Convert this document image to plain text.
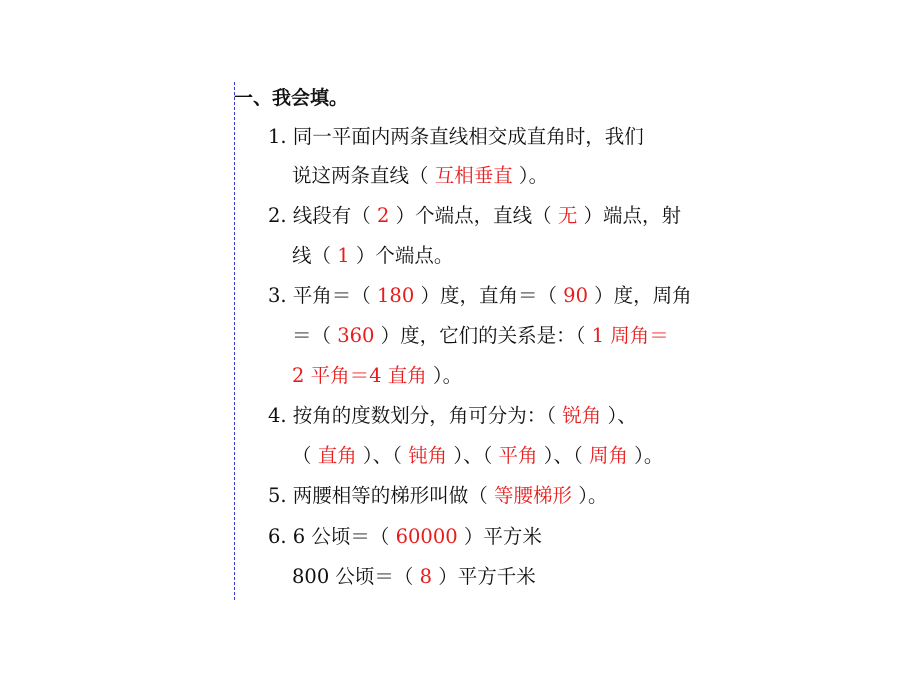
一、我会填。
1. 同一平面内两条直线相交成直角时，我们
说这两条直线（ 互相垂直 ）。
2. 线段有（ 2 ）个端点，直线（ 无 ）端点，射
线（ 1 ）个端点。
3. 平角＝（ 180 ）度，直角＝（ 90 ）度，周角
＝（ 360 ）度，它们的关系是：（ 1 周角＝
2 平角＝4 直角 ）。
4. 按角的度数划分，角可分为：（ 锐角 ）、
（ 直角 ）、（ 钝角 ）、（ 平角 ）、（ 周角 ）。
5. 两腰相等的梯形叫做（ 等腰梯形 ）。
6. 6 公顷＝（ 60000 ）平方米
800 公顷＝（ 8 ）平方千米
